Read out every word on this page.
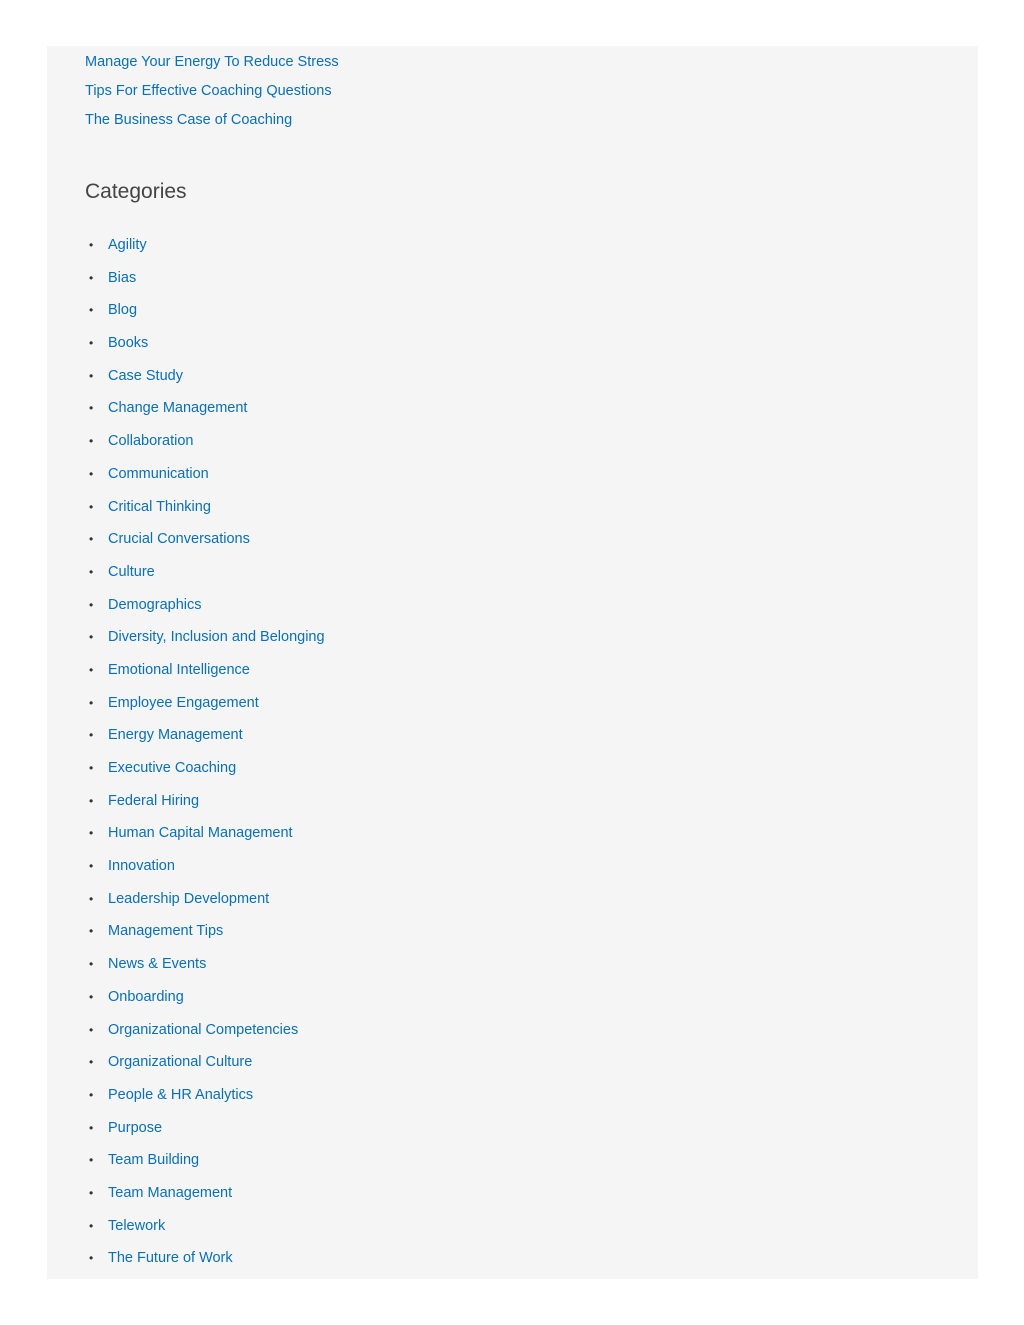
Manage Your Energy To Reduce Stress
Tips For Effective Coaching Questions
The Business Case of Coaching
Categories
•	Agility
•	Bias
•	Blog
•	Books
•	Case Study
•	Change Management
•	Collaboration
•	Communication
•	Critical Thinking
•	Crucial Conversations
•	Culture
•	Demographics
•	Diversity, Inclusion and Belonging
•	Emotional Intelligence
•	Employee Engagement
•	Energy Management
•	Executive Coaching
•	Federal Hiring
•	Human Capital Management
•	Innovation
•	Leadership Development
•	Management Tips
•	News & Events
•	Onboarding
•	Organizational Competencies
•	Organizational Culture
•	People & HR Analytics
•	Purpose
•	Team Building
•	Team Management
•	Telework
•	The Future of Work
